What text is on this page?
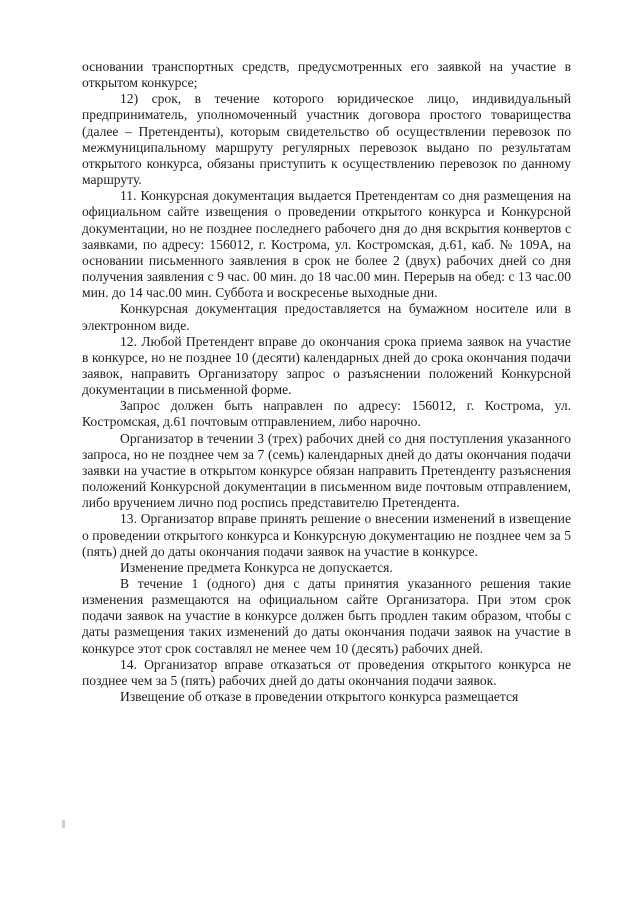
основании транспортных средств, предусмотренных его заявкой на участие в открытом конкурсе;

12) срок, в течение которого юридическое лицо, индивидуальный предприниматель, уполномоченный участник договора простого товарищества (далее – Претенденты), которым свидетельство об осуществлении перевозок по межмуниципальному маршруту регулярных перевозок выдано по результатам открытого конкурса, обязаны приступить к осуществлению перевозок по данному маршруту.

11. Конкурсная документация выдается Претендентам со дня размещения на официальном сайте извещения о проведении открытого конкурса и Конкурсной документации, но не позднее последнего рабочего дня до дня вскрытия конвертов с заявками, по адресу: 156012, г. Кострома, ул. Костромская, д.61, каб. № 109А, на основании письменного заявления в срок не более 2 (двух) рабочих дней со дня получения заявления с 9 час. 00 мин. до 18 час.00 мин. Перерыв на обед: с 13 час.00 мин. до 14 час.00 мин. Суббота и воскресенье выходные дни.

Конкурсная документация предоставляется на бумажном носителе или в электронном виде.

12. Любой Претендент вправе до окончания срока приема заявок на участие в конкурсе, но не позднее 10 (десяти) календарных дней до срока окончания подачи заявок, направить Организатору запрос о разъяснении положений Конкурсной документации в письменной форме.

Запрос должен быть направлен по адресу: 156012, г. Кострома, ул. Костромская, д.61 почтовым отправлением, либо нарочно.

Организатор в течении 3 (трех) рабочих дней со дня поступления указанного запроса, но не позднее чем за 7 (семь) календарных дней до даты окончания подачи заявки на участие в открытом конкурсе обязан направить Претенденту разъяснения положений Конкурсной документации в письменном виде почтовым отправлением, либо вручением лично под роспись представителю Претендента.

13. Организатор вправе принять решение о внесении изменений в извещение о проведении открытого конкурса и Конкурсную документацию не позднее чем за 5 (пять) дней до даты окончания подачи заявок на участие в конкурсе.

Изменение предмета Конкурса не допускается.

В течение 1 (одного) дня с даты принятия указанного решения такие изменения размещаются на официальном сайте Организатора. При этом срок подачи заявок на участие в конкурсе должен быть продлен таким образом, чтобы с даты размещения таких изменений до даты окончания подачи заявок на участие в конкурсе этот срок составлял не менее чем 10 (десять) рабочих дней.

14. Организатор вправе отказаться от проведения открытого конкурса не позднее чем за 5 (пять) рабочих дней до даты окончания подачи заявок.

Извещение об отказе в проведении открытого конкурса размещается
